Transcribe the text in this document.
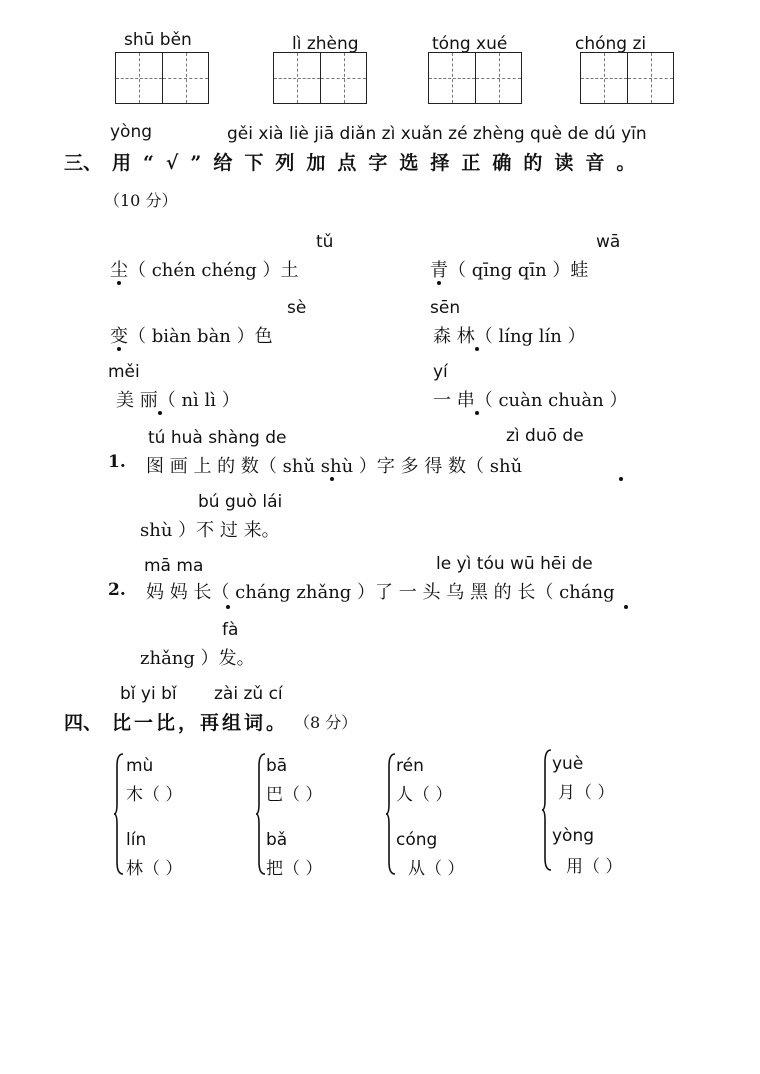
shū běn	lì zhèng	tóng xué	chóng zi
yòng	gěi xià liè jiā diǎn zì xuǎn zé zhèng què de dú yīn
三、 用“√”给下列加点字选择正确的读音。
（10 分）
tǔ
尘（ chén chéng ）土
wā
青（ qīng qīn ）蛙
sè
变（ biàn bàn ）色
sēn
森 林（ líng lín ）
měi
美 丽（ nì lì ）
yí
一 串（ cuàn chuàn ）
tú huà shàng de	zì duō de
1. 图 画 上 的 数（ shǔ shù ）字 多 得 数（ shǔ
bú guò lái
shù ）不 过 来。
mā ma	le yì tóu wū hēi de
2. 妈 妈 长（ cháng zhǎng ）了 一 头 乌 黑 的 长（ cháng
fà
zhǎng ）发。
bǐ yi bǐ zài zǔ cí
四、 比一比，再组词。 （8 分）
mù
木（ ）
lín
林（ ）
bā
巴（ ）
bǎ
把（ ）
rén
人（ ）
cóng
从（ ）
yuè
月（ ）
yòng
用（ ）
